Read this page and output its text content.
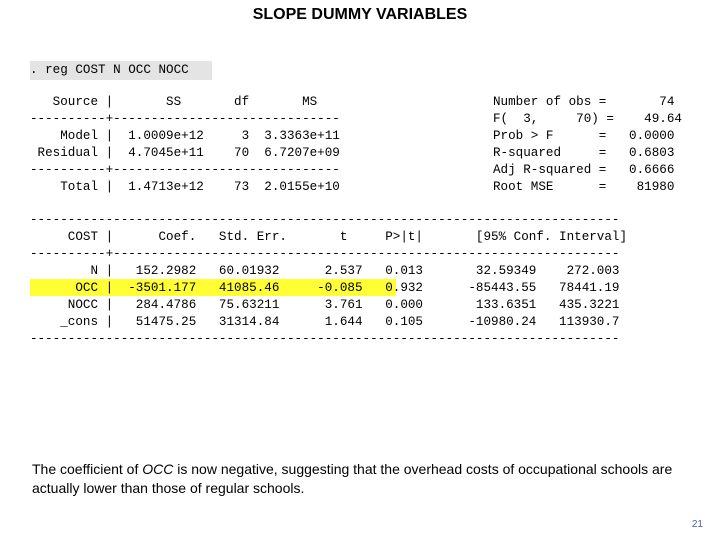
SLOPE DUMMY VARIABLES
. reg COST N OCC NOCC
Source |       SS       df       MS
----------+------------------------------
Model |  1.0009e+12     3  3.3363e+11
Residual |  4.7045e+11    70  6.7207e+09
----------+------------------------------
Total |  1.4713e+12    73  2.0155e+10
Number of obs =       74
F(  3,     70) =    49.64
Prob > F      =   0.0000
R-squared     =   0.6803
Adj R-squared =   0.6666
Root MSE      =    81980
------------------------------------------------------------------------------
COST |      Coef.   Std. Err.       t     P>|t|       [95% Conf. Interval]
----------+-------------------------------------------------------------------
N |   152.2982   60.01932      2.537   0.013       32.59349    272.003
OCC |  -3501.177   41085.46     -0.085   0.932      -85443.55   78441.19
NOCC |   284.4786   75.63211      3.761   0.000       133.6351   435.3221
_cons |   51475.25   31314.84      1.644   0.105      -10980.24   113930.7
------------------------------------------------------------------------------
The coefficient of OCC is now negative, suggesting that the overhead costs of occupational schools are actually lower than those of regular schools.
21
